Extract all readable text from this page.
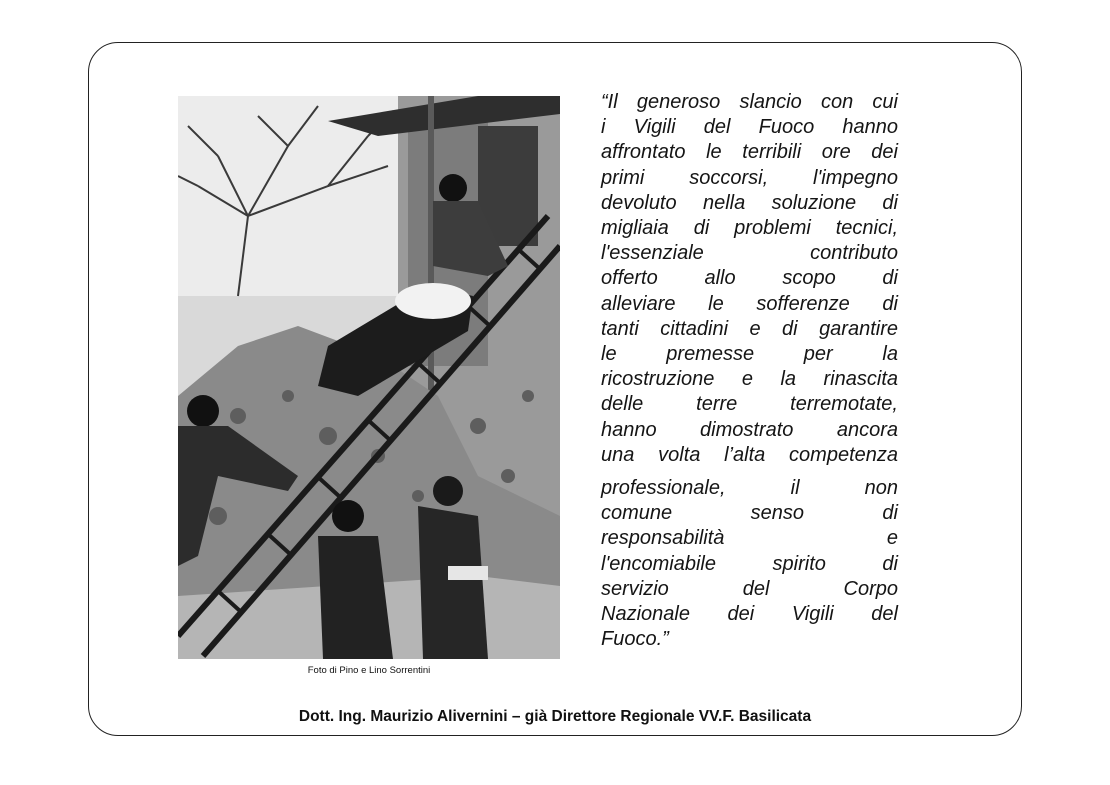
Foto di Pino e Lino Sorrentini
“Il generoso slancio con cui
i Vigili del Fuoco hanno
affrontato le terribili ore dei
primi soccorsi, l'impegno
devoluto nella soluzione di
migliaia di problemi tecnici,
l'essenziale contributo
offerto allo scopo di
alleviare le sofferenze di
tanti cittadini e di garantire
le premesse per la
ricostruzione e la rinascita
delle terre terremotate,
hanno dimostrato ancora
una volta l’alta competenza
professionale, il non
comune senso di
responsabilità e
l'encomiabile spirito di
servizio del Corpo
Nazionale dei Vigili del
Fuoco.”
Dott. Ing. Maurizio Alivernini – già Direttore Regionale VV.F. Basilicata
